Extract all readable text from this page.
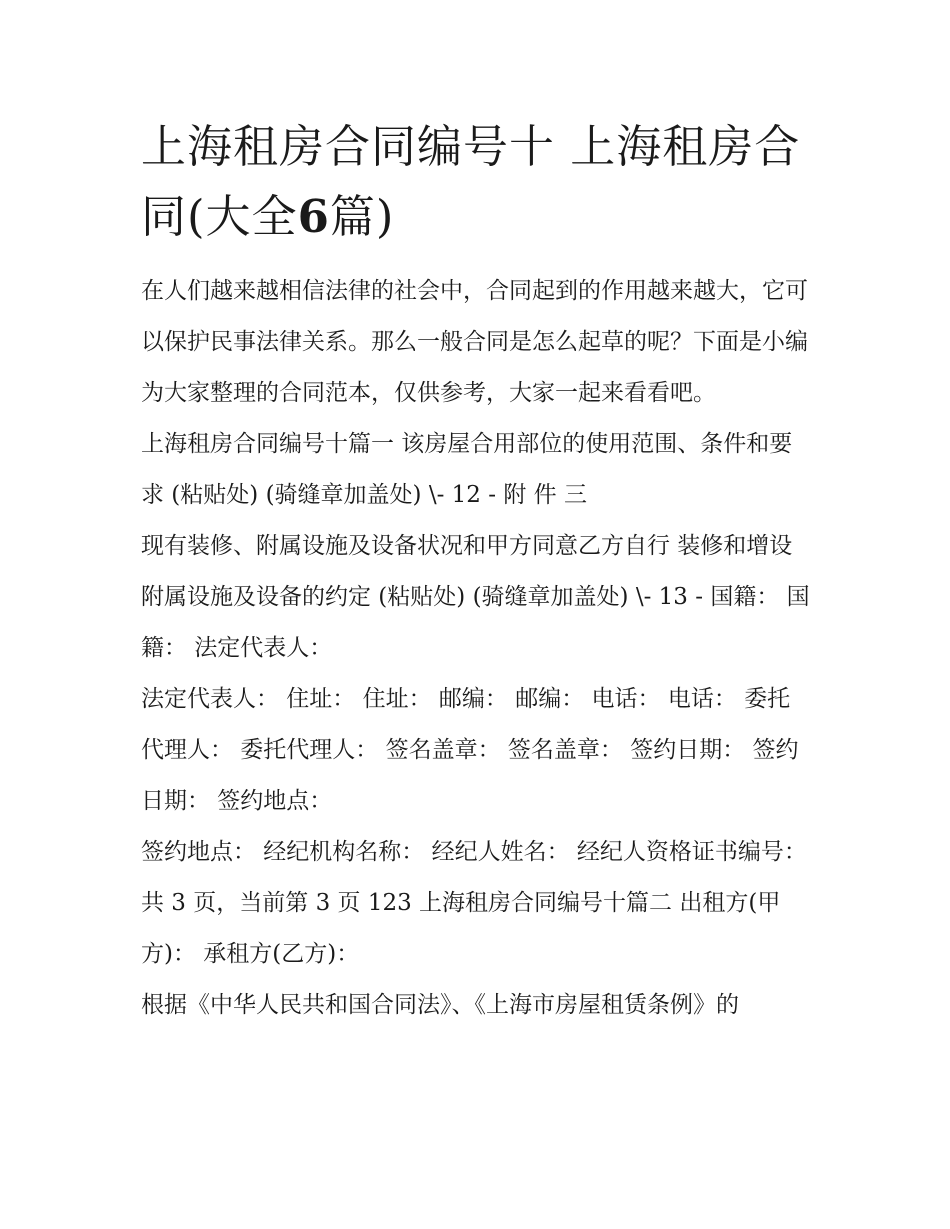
上海租房合同编号十 上海租房合同(大全6篇)

在人们越来越相信法律的社会中，合同起到的作用越来越大，它可以保护民事法律关系。那么一般合同是怎么起草的呢？下面是小编为大家整理的合同范本，仅供参考，大家一起来看看吧。

上海租房合同编号十篇一 该房屋合用部位的使用范围、条件和要求 (粘贴处) (骑缝章加盖处) \- 12 - 附 件 三

现有装修、附属设施及设备状况和甲方同意乙方自行 装修和增设附属设施及设备的约定 (粘贴处) (骑缝章加盖处) \- 13 - 国籍： 国籍： 法定代表人：

法定代表人： 住址： 住址： 邮编： 邮编： 电话： 电话： 委托代理人： 委托代理人： 签名盖章： 签名盖章： 签约日期： 签约日期： 签约地点：

签约地点： 经纪机构名称： 经纪人姓名： 经纪人资格证书编号： 共 3 页，当前第 3 页 123 上海租房合同编号十篇二 出租方(甲方)： 承租方(乙方)：

根据《中华人民共和国合同法》、《上海市房屋租赁条例》的
